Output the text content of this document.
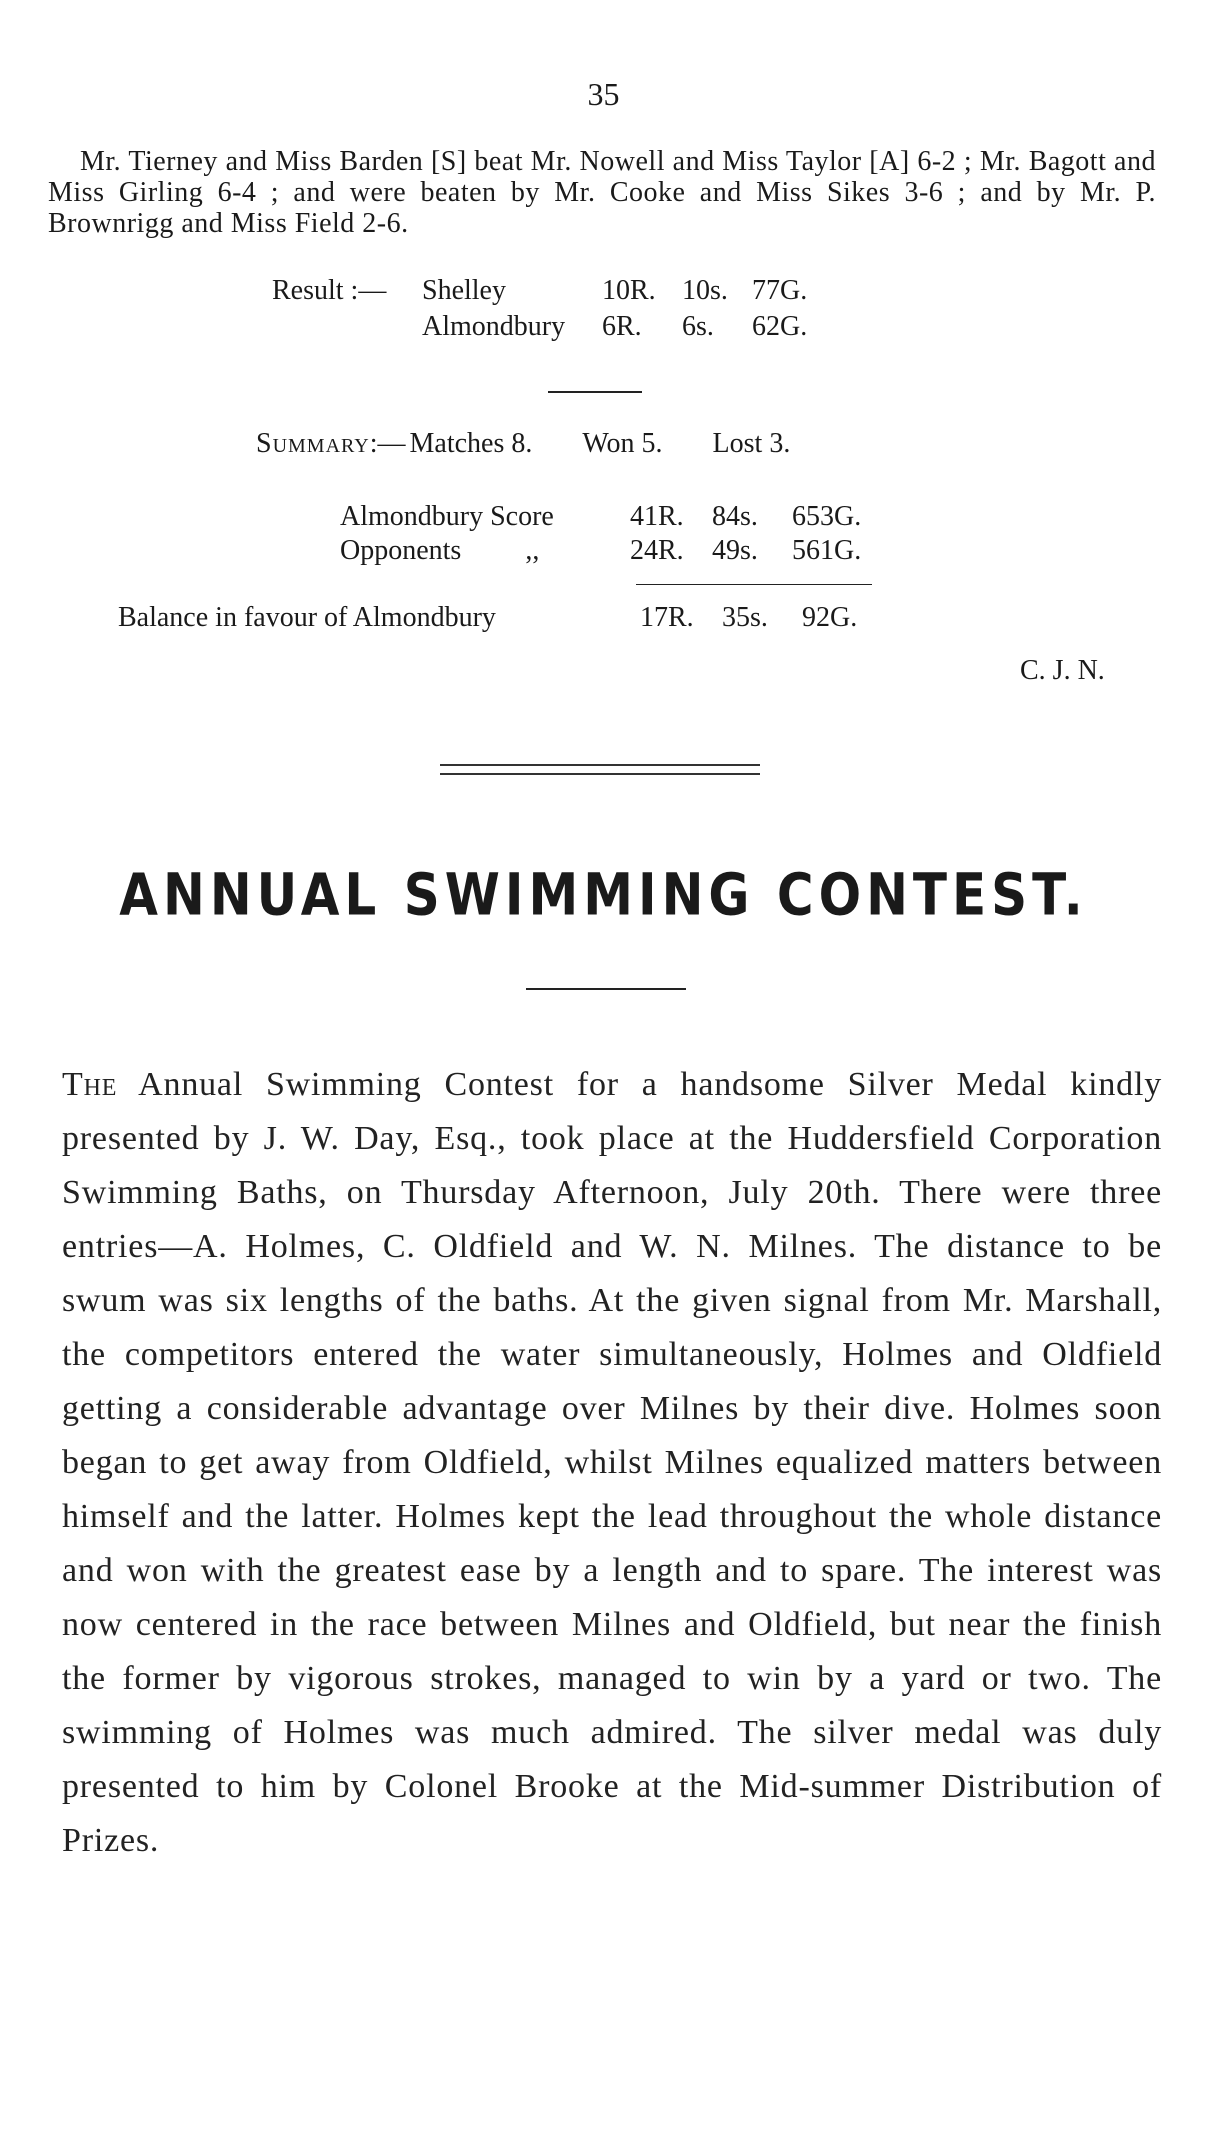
35
Mr. Tierney and Miss Barden [S] beat Mr. Nowell and Miss Taylor [A] 6-2 ; Mr. Bagott and Miss Girling 6-4 ; and were beaten by Mr. Cooke and Miss Sikes 3-6 ; and by Mr. P. Brownrigg and Miss Field 2-6.
Result :—	Shelley	10R. 10s. 77G.
Almondbury	6R.	6s.	62G.
Summary :— Matches 8. Won 5. Lost 3.
Almondbury Score	41R.	84s.	653G.
Opponents ,,	24R.	49s.	561G.
Balance in favour of Almondbury	17R.	35s.	92G.
C. J. N.
ANNUAL SWIMMING CONTEST.
The Annual Swimming Contest for a handsome Silver Medal kindly presented by J. W. Day, Esq., took place at the Huddersfield Corporation Swimming Baths, on Thursday Afternoon, July 20th. There were three entries—A. Holmes, C. Oldfield and W. N. Milnes. The distance to be swum was six lengths of the baths. At the given signal from Mr. Marshall, the competitors entered the water simultaneously, Holmes and Oldfield getting a considerable advantage over Milnes by their dive. Holmes soon began to get away from Oldfield, whilst Milnes equalized matters between himself and the latter. Holmes kept the lead throughout the whole distance and won with the greatest ease by a length and to spare. The interest was now centered in the race between Milnes and Oldfield, but near the finish the former by vigorous strokes, managed to win by a yard or two. The swimming of Holmes was much admired. The silver medal was duly presented to him by Colonel Brooke at the Mid-summer Distribution of Prizes.
